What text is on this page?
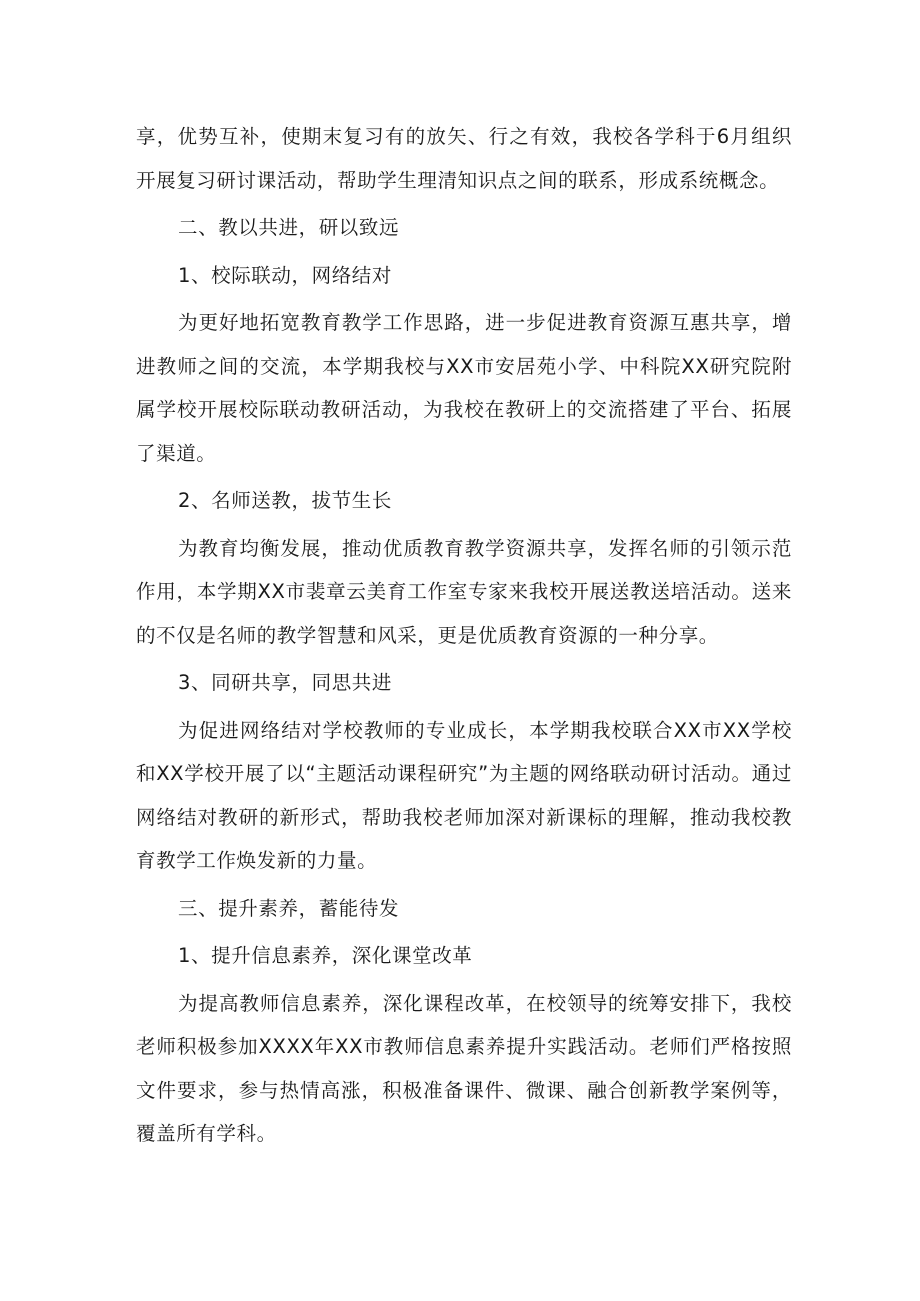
享，优势互补，使期末复习有的放矢、行之有效，我校各学科于6月组织开展复习研讨课活动，帮助学生理清知识点之间的联系，形成系统概念。

二、教以共进，研以致远

1、校际联动，网络结对

为更好地拓宽教育教学工作思路，进一步促进教育资源互惠共享，增进教师之间的交流，本学期我校与XX市安居苑小学、中科院XX研究院附属学校开展校际联动教研活动，为我校在教研上的交流搭建了平台、拓展了渠道。

2、名师送教，拔节生长

为教育均衡发展，推动优质教育教学资源共享，发挥名师的引领示范作用，本学期XX市裴章云美育工作室专家来我校开展送教送培活动。送来的不仅是名师的教学智慧和风采，更是优质教育资源的一种分享。

3、同研共享，同思共进

为促进网络结对学校教师的专业成长，本学期我校联合XX市XX学校和XX学校开展了以“主题活动课程研究”为主题的网络联动研讨活动。通过网络结对教研的新形式，帮助我校老师加深对新课标的理解，推动我校教育教学工作焕发新的力量。

三、提升素养，蓄能待发

1、提升信息素养，深化课堂改革

为提高教师信息素养，深化课程改革，在校领导的统筹安排下，我校老师积极参加XXXX年XX市教师信息素养提升实践活动。老师们严格按照文件要求，参与热情高涨，积极准备课件、微课、融合创新教学案例等，覆盖所有学科。
